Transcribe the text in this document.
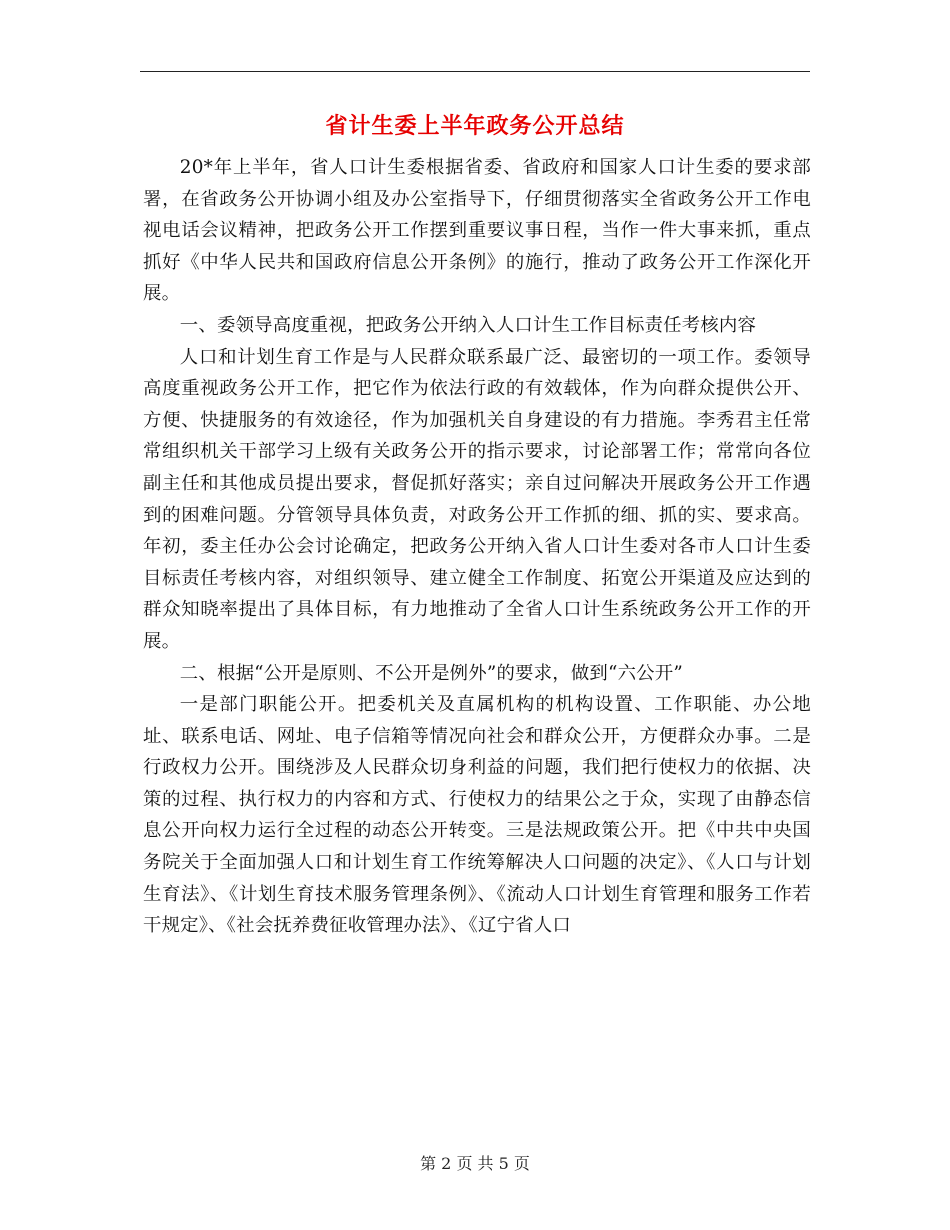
省计生委上半年政务公开总结

20*年上半年，省人口计生委根据省委、省政府和国家人口计生委的要求部署，在省政务公开协调小组及办公室指导下，仔细贯彻落实全省政务公开工作电视电话会议精神，把政务公开工作摆到重要议事日程，当作一件大事来抓，重点抓好《中华人民共和国政府信息公开条例》的施行，推动了政务公开工作深化开展。

一、委领导高度重视，把政务公开纳入人口计生工作目标责任考核内容

人口和计划生育工作是与人民群众联系最广泛、最密切的一项工作。委领导高度重视政务公开工作，把它作为依法行政的有效载体，作为向群众提供公开、方便、快捷服务的有效途径，作为加强机关自身建设的有力措施。李秀君主任常常组织机关干部学习上级有关政务公开的指示要求，讨论部署工作；常常向各位副主任和其他成员提出要求，督促抓好落实；亲自过问解决开展政务公开工作遇到的困难问题。分管领导具体负责，对政务公开工作抓的细、抓的实、要求高。年初，委主任办公会讨论确定，把政务公开纳入省人口计生委对各市人口计生委目标责任考核内容，对组织领导、建立健全工作制度、拓宽公开渠道及应达到的群众知晓率提出了具体目标，有力地推动了全省人口计生系统政务公开工作的开展。

二、根据“公开是原则、不公开是例外”的要求，做到“六公开”

一是部门职能公开。把委机关及直属机构的机构设置、工作职能、办公地址、联系电话、网址、电子信箱等情况向社会和群众公开，方便群众办事。二是行政权力公开。围绕涉及人民群众切身利益的问题，我们把行使权力的依据、决策的过程、执行权力的内容和方式、行使权力的结果公之于众，实现了由静态信息公开向权力运行全过程的动态公开转变。三是法规政策公开。把《中共中央国务院关于全面加强人口和计划生育工作统筹解决人口问题的决定》、《人口与计划生育法》、《计划生育技术服务管理条例》、《流动人口计划生育管理和服务工作若干规定》、《社会抚养费征收管理办法》、《辽宁省人口

第 2 页 共 5 页
